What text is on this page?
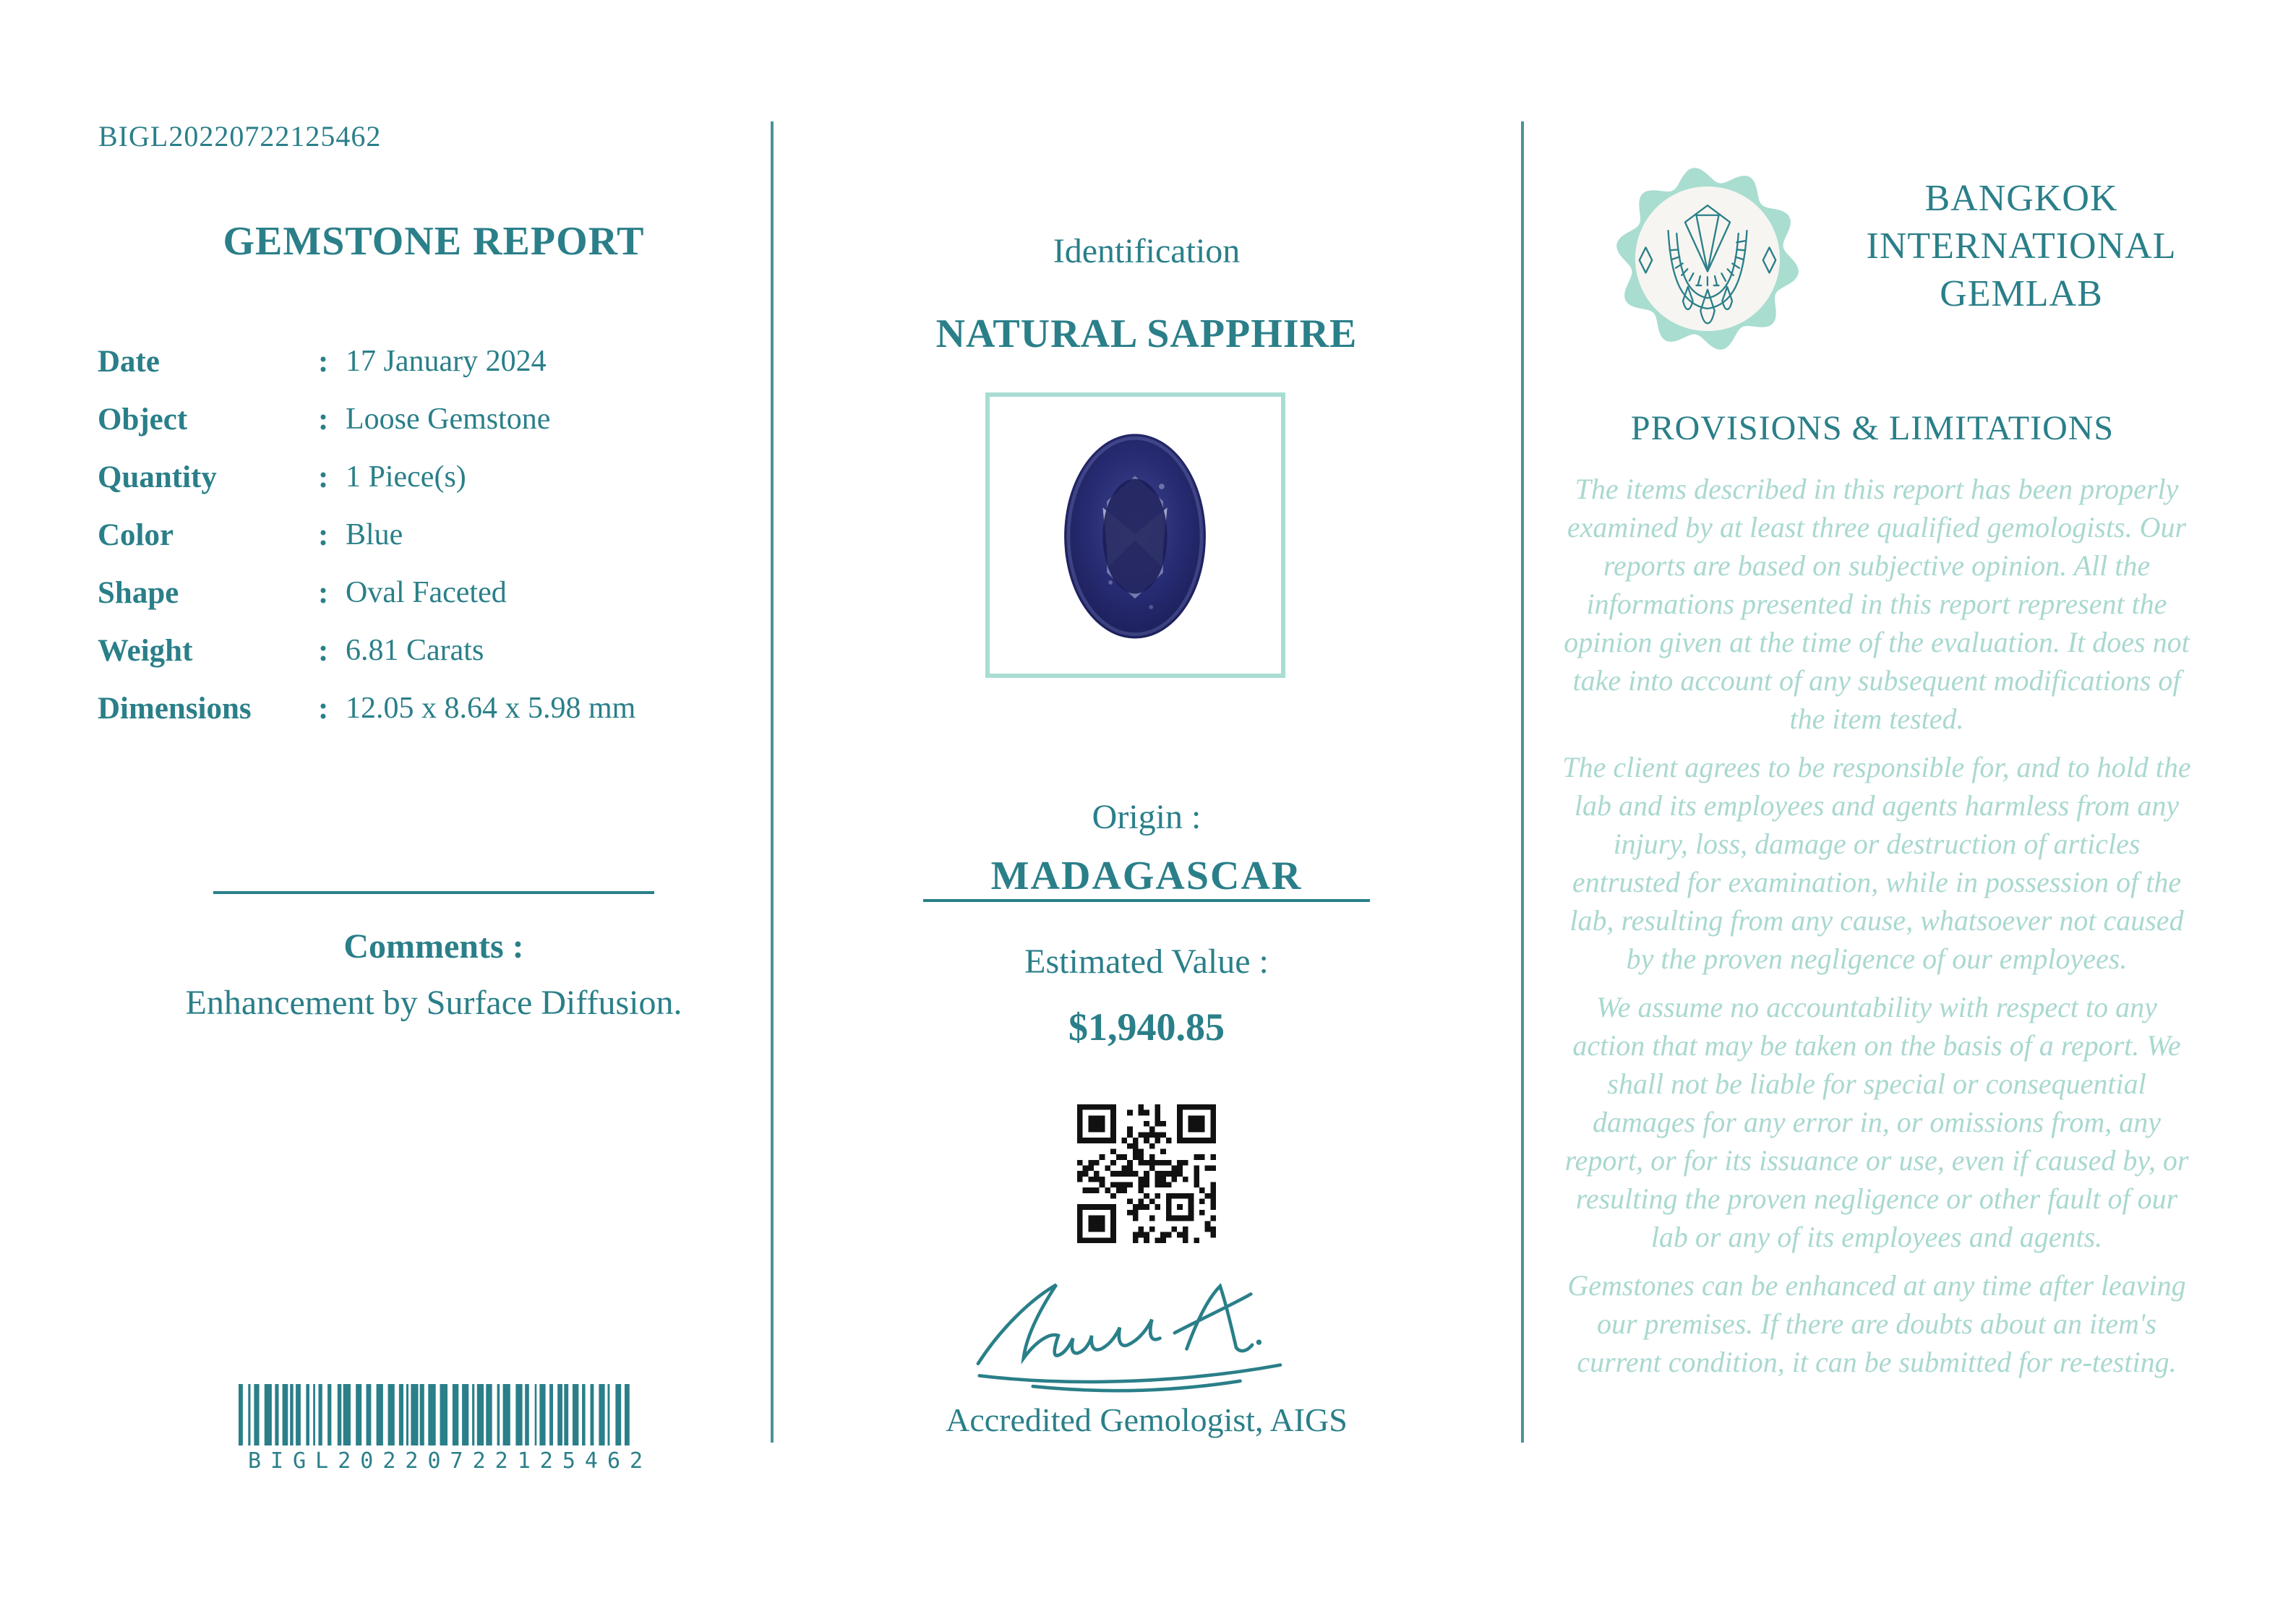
BIGL20220722125462
GEMSTONE REPORT
Date	: 17 January 2024
Object	: Loose Gemstone
Quantity	: 1 Piece(s)
Color	: Blue
Shape	: Oval Faceted
Weight	: 6.81 Carats
Dimensions	: 12.05 x 8.64 x 5.98 mm
Comments :
Enhancement by Surface Diffusion.
BIGL20220722125462
Identification
NATURAL SAPPHIRE
Origin :
MADAGASCAR
Estimated Value :
$1,940.85
Accredited Gemologist, AIGS
BANGKOK
INTERNATIONAL
GEMLAB
PROVISIONS & LIMITATIONS

The items described in this report has been properly examined by at least three qualified gemologists. Our reports are based on subjective opinion. All the informations presented in this report represent the opinion given at the time of the evaluation. It does not take into account of any subsequent modifications of the item tested.

The client agrees to be responsible for, and to hold the lab and its employees and agents harmless from any injury, loss, damage or destruction of articles entrusted for examination, while in possession of the lab, resulting from any cause, whatsoever not caused by the proven negligence of our employees.

We assume no accountability with respect to any action that may be taken on the basis of a report. We shall not be liable for special or consequential damages for any error in, or omissions from, any report, or for its issuance or use, even if caused by, or resulting the proven negligence or other fault of our lab or any of its employees and agents.

Gemstones can be enhanced at any time after leaving our premises. If there are doubts about an item's current condition, it can be submitted for re-testing.
